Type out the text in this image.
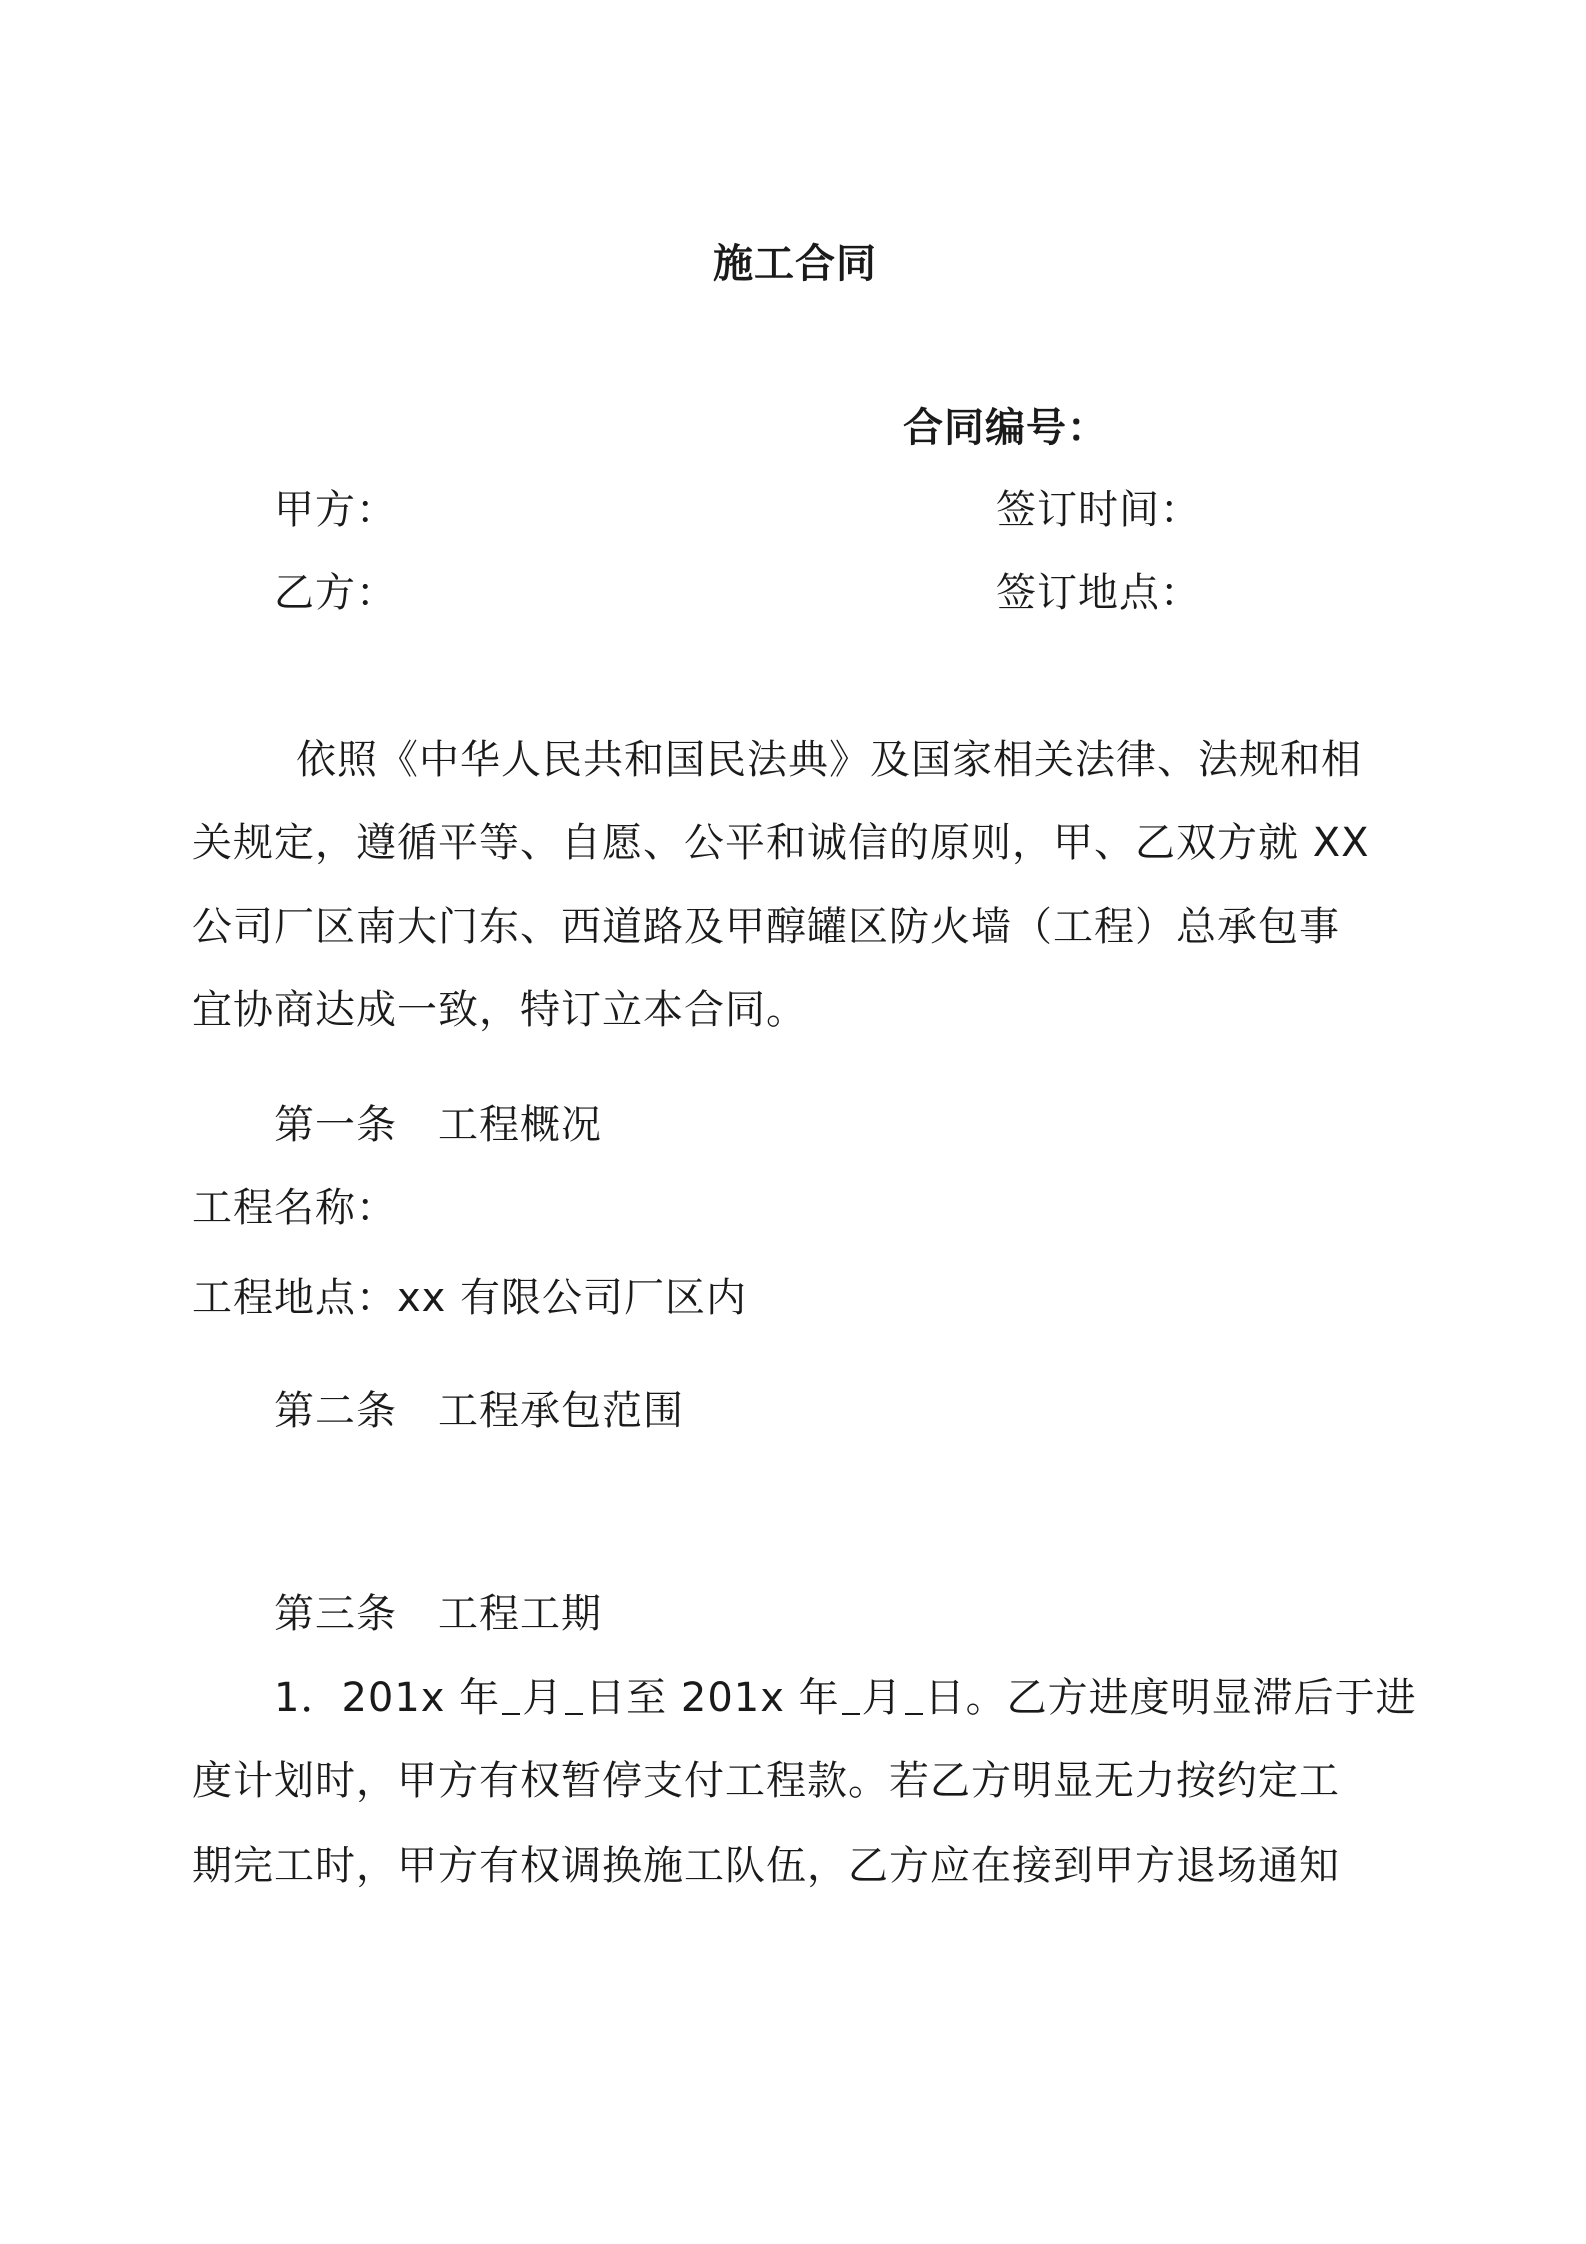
施工合同
合同编号：
甲方：	签订时间：
乙方：	签订地点：
依照《中华人民共和国民法典》及国家相关法律、法规和相
关规定，遵循平等、自愿、公平和诚信的原则，甲、乙双方就 XX
公司厂区南大门东、西道路及甲醇罐区防火墙（工程）总承包事
宜协商达成一致，特订立本合同。
第一条　工程概况
工程名称：
工程地点：xx 有限公司厂区内
第二条　工程承包范围
第三条　工程工期
1．201x 年 月 日至 201x 年 月 日。乙方进度明显滞后于进
度计划时，甲方有权暂停支付工程款。若乙方明显无力按约定工
期完工时，甲方有权调换施工队伍，乙方应在接到甲方退场通知
